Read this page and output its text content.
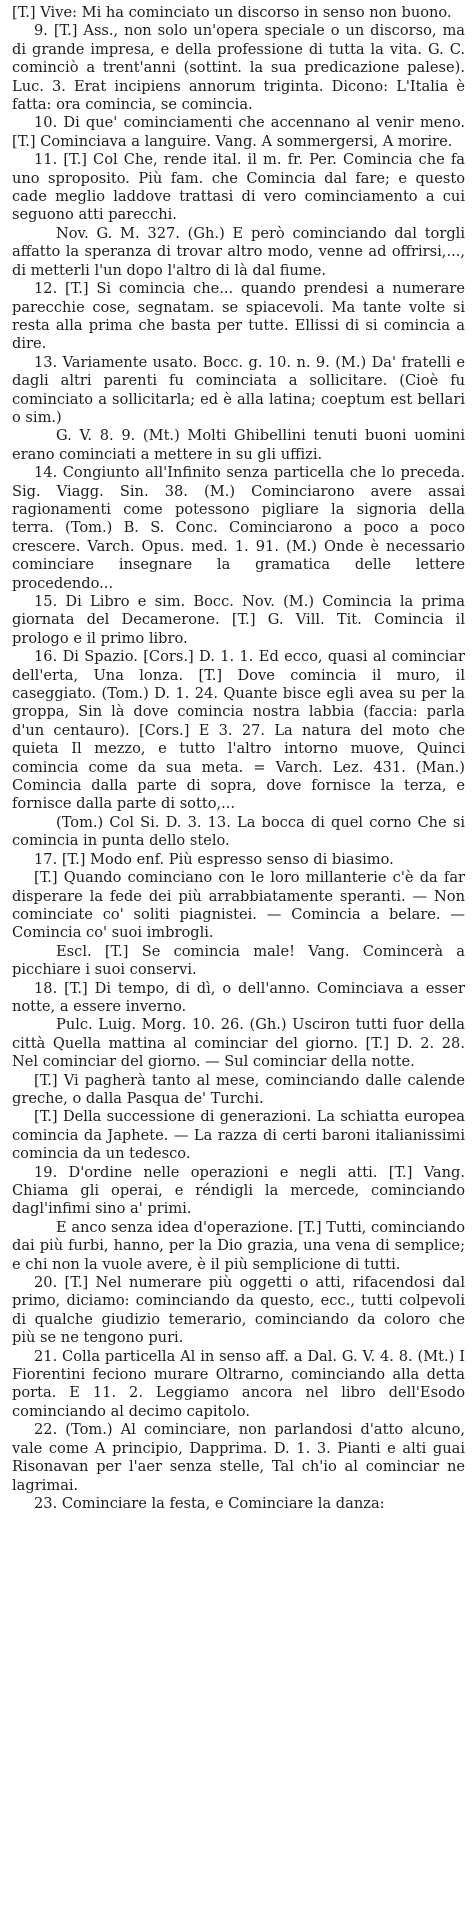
[T.] Vive: Mi ha cominciato un discorso in senso non buono.

9. [T.] Ass., non solo un'opera speciale o un discorso, ma di grande impresa, e della professione di tutta la vita. G. C. cominciò a trent'anni (sottint. la sua predicazione palese). Luc. 3. Erat incipiens annorum triginta. Dicono: L'Italia è fatta: ora comincia, se comincia.

10. Di que' cominciamenti che accennano al venir meno. [T.] Cominciava a languire. Vang. A sommergersi, A morire.

11. [T.] Col Che, rende ital. il m. fr. Per. Comincia che fa uno sproposito. Più fam. che Comincia dal fare; e questo cade meglio laddove trattasi di vero cominciamento a cui seguono atti parecchi.

Nov. G. M. 327. (Gh.) E però cominciando dal torgli affatto la speranza di trovar altro modo, venne ad offrirsi,..., di metterli l'un dopo l'altro di là dal fiume.

12. [T.] Si comincia che... quando prendesi a numerare parecchie cose, segnatam. se spiacevoli. Ma tante volte si resta alla prima che basta per tutte. Ellissi di si comincia a dire.

13. Variamente usato. Bocc. g. 10. n. 9. (M.) Da' fratelli e dagli altri parenti fu cominciata a sollicitare. (Cioè fu cominciato a sollicitarla; ed è alla latina; coeptum est bellari o sim.)

G. V. 8. 9. (Mt.) Molti Ghibellini tenuti buoni uomini erano cominciati a mettere in su gli uffizi.

14. Congiunto all'Infinito senza particella che lo preceda. Sig. Viagg. Sin. 38. (M.) Cominciarono avere assai ragionamenti come potessono pigliare la signoria della terra. (Tom.) B. S. Conc. Cominciarono a poco a poco crescere. Varch. Opus. med. 1. 91. (M.) Onde è necessario cominciare insegnare la gramatica delle lettere procedendo...

15. Di Libro e sim. Bocc. Nov. (M.) Comincia la prima giornata del Decamerone. [T.] G. Vill. Tit. Comincia il prologo e il primo libro.

16. Di Spazio. [Cors.] D. 1. 1. Ed ecco, quasi al cominciar dell'erta, Una lonza. [T.] Dove comincia il muro, il caseggiato. (Tom.) D. 1. 24. Quante bisce egli avea su per la groppa, Sin là dove comincia nostra labbia (faccia: parla d'un centauro). [Cors.] E 3. 27. La natura del moto che quieta Il mezzo, e tutto l'altro intorno muove, Quinci comincia come da sua meta. = Varch. Lez. 431. (Man.) Comincia dalla parte di sopra, dove fornisce la terza, e fornisce dalla parte di sotto,...

(Tom.) Col Si. D. 3. 13. La bocca di quel corno Che si comincia in punta dello stelo.

17. [T.] Modo enf. Più espresso senso di biasimo.

[T.] Quando cominciano con le loro millanterie c'è da far disperare la fede dei più arrabbiatamente speranti. — Non cominciate co' soliti piagnistei. — Comincia a belare. — Comincia co' suoi imbrogli.

Escl. [T.] Se comincia male! Vang. Comincerà a picchiare i suoi conservi.

18. [T.] Di tempo, di dì, o dell'anno. Cominciava a esser notte, a essere inverno.

Pulc. Luig. Morg. 10. 26. (Gh.) Usciron tutti fuor della città Quella mattina al cominciar del giorno. [T.] D. 2. 28. Nel cominciar del giorno. — Sul cominciar della notte.

[T.] Vi pagherà tanto al mese, cominciando dalle calende greche, o dalla Pasqua de' Turchi.

[T.] Della successione di generazioni. La schiatta europea comincia da Japhete. — La razza di certi baroni italianissimi comincia da un tedesco.

19. D'ordine nelle operazioni e negli atti. [T.] Vang. Chiama gli operai, e réndigli la mercede, cominciando dagl'infimi sino a' primi.

E anco senza idea d'operazione. [T.] Tutti, cominciando dai più furbi, hanno, per la Dio grazia, una vena di semplice; e chi non la vuole avere, è il più semplicione di tutti.

20. [T.] Nel numerare più oggetti o atti, rifacendosi dal primo, diciamo: cominciando da questo, ecc., tutti colpevoli di qualche giudizio temerario, cominciando da coloro che più se ne tengono puri.

21. Colla particella Al in senso aff. a Dal. G. V. 4. 8. (Mt.) I Fiorentini feciono murare Oltrarno, cominciando alla detta porta. E 11. 2. Leggiamo ancora nel libro dell'Esodo cominciando al decimo capitolo.

22. (Tom.) Al cominciare, non parlandosi d'atto alcuno, vale come A principio, Dapprima. D. 1. 3. Pianti e alti guai Risonavan per l'aer senza stelle, Tal ch'io al cominciar ne lagrimai.

23. Cominciare la festa, e Cominciare la danza:
